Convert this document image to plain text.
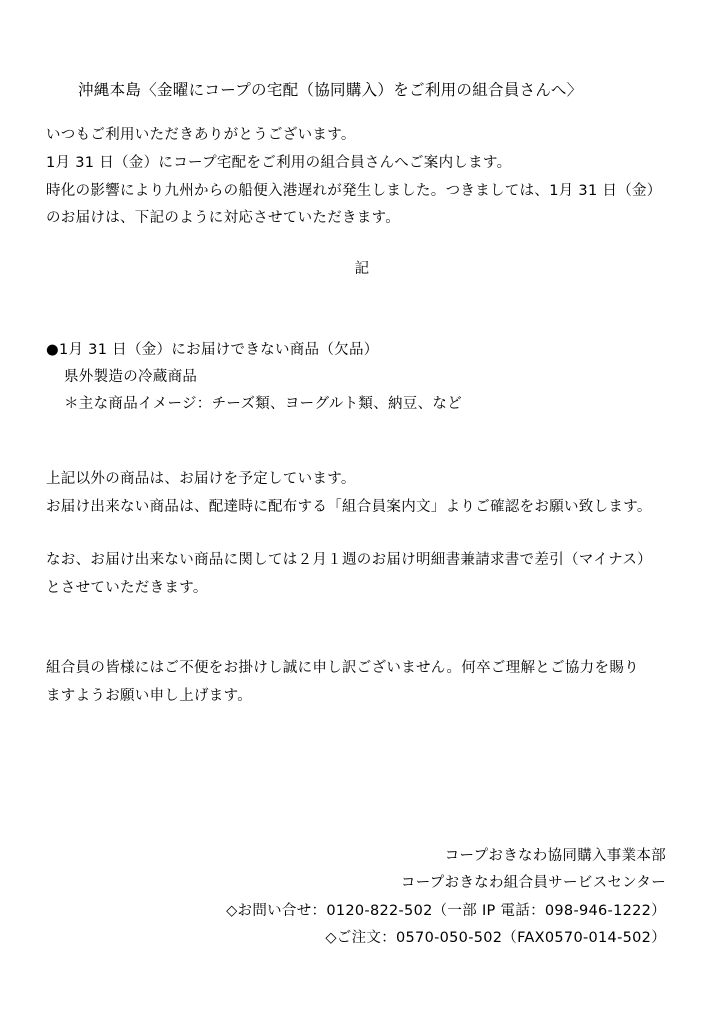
沖縄本島〈金曜にコープの宅配（協同購入）をご利用の組合員さんへ〉
いつもご利用いただきありがとうございます。
1月 31 日（金）にコープ宅配をご利用の組合員さんへご案内します。
時化の影響により九州からの船便入港遅れが発生しました。つきましては、1月 31 日（金）
のお届けは、下記のように対応させていただきます。
記
●1月 31 日（金）にお届けできない商品（欠品）
県外製造の冷蔵商品
＊主な商品イメージ：チーズ類、ヨーグルト類、納豆、など
上記以外の商品は、お届けを予定しています。
お届け出来ない商品は、配達時に配布する「組合員案内文」よりご確認をお願い致します。
なお、お届け出来ない商品に関しては２月１週のお届け明細書兼請求書で差引（マイナス）
とさせていただきます。
組合員の皆様にはご不便をお掛けし誠に申し訳ございません。何卒ご理解とご協力を賜り
ますようお願い申し上げます。
コープおきなわ協同購入事業本部
コープおきなわ組合員サービスセンター
◇お問い合せ：0120-822-502（一部 IP 電話：098-946-1222）
◇ご注文：0570-050-502（FAX0570-014-502）
